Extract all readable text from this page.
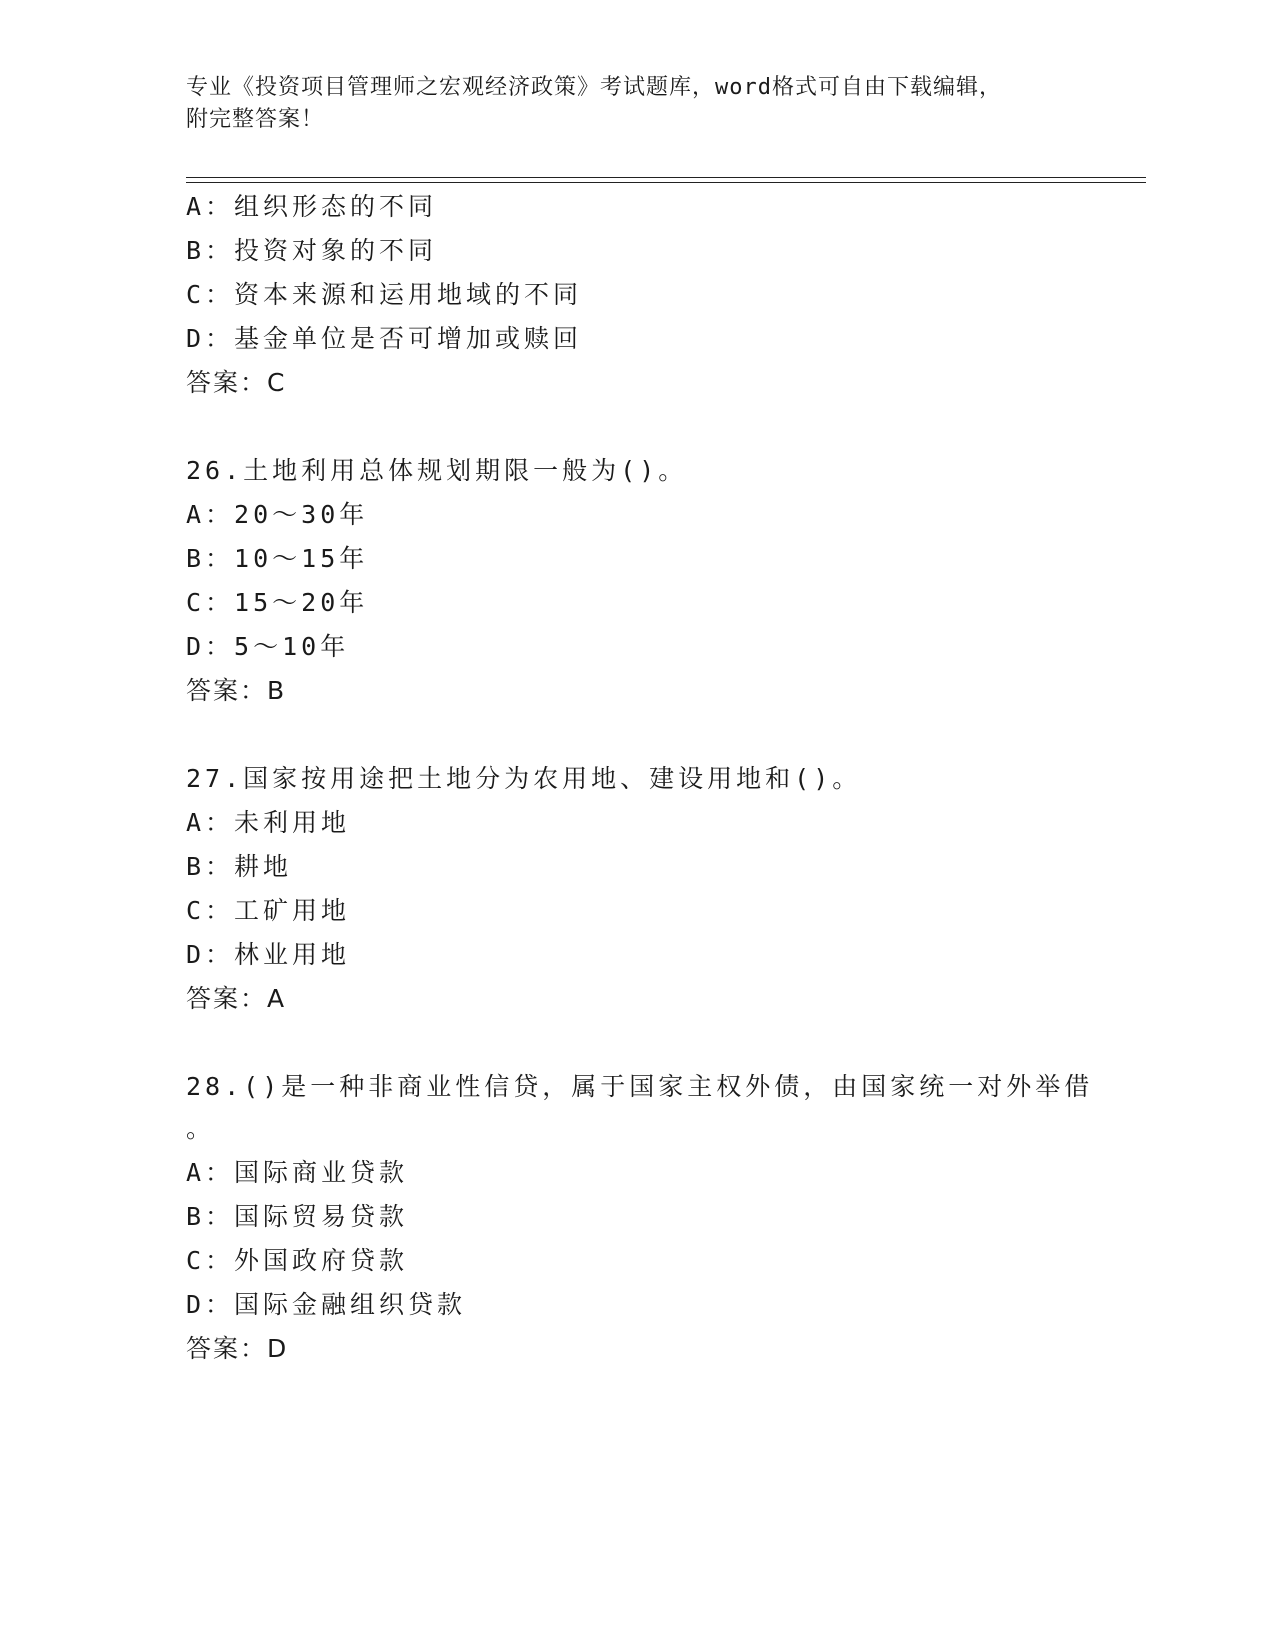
专业《投资项目管理师之宏观经济政策》考试题库，word格式可自由下载编辑，
附完整答案！
A：组织形态的不同
B：投资对象的不同
C：资本来源和运用地域的不同
D：基金单位是否可增加或赎回
答案：C
26.土地利用总体规划期限一般为()。
A：20～30年
B：10～15年
C：15～20年
D：5～10年
答案：B
27.国家按用途把土地分为农用地、建设用地和()。
A：未利用地
B：耕地
C：工矿用地
D：林业用地
答案：A
28.()是一种非商业性信贷，属于国家主权外债，由国家统一对外举借
。
A：国际商业贷款
B：国际贸易贷款
C：外国政府贷款
D：国际金融组织贷款
答案：D
